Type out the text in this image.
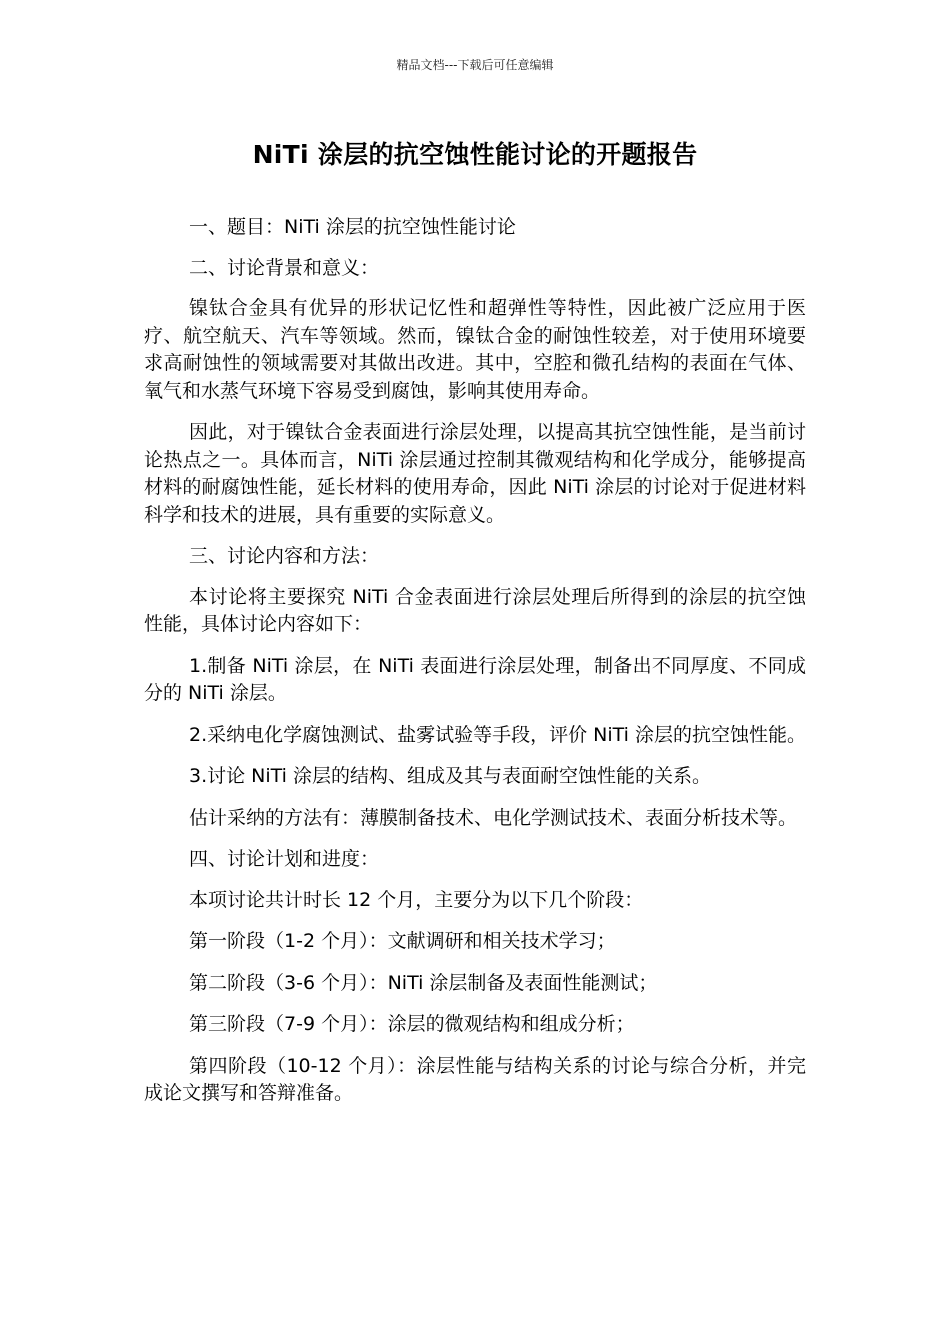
精品文档---下载后可任意编辑
NiTi 涂层的抗空蚀性能讨论的开题报告

一、题目：NiTi 涂层的抗空蚀性能讨论

二、讨论背景和意义：

镍钛合金具有优异的形状记忆性和超弹性等特性，因此被广泛应用于医疗、航空航天、汽车等领域。然而，镍钛合金的耐蚀性较差，对于使用环境要求高耐蚀性的领域需要对其做出改进。其中，空腔和微孔结构的表面在气体、氧气和水蒸气环境下容易受到腐蚀，影响其使用寿命。

因此，对于镍钛合金表面进行涂层处理，以提高其抗空蚀性能，是当前讨论热点之一。具体而言，NiTi 涂层通过控制其微观结构和化学成分，能够提高材料的耐腐蚀性能，延长材料的使用寿命，因此 NiTi 涂层的讨论对于促进材料科学和技术的进展，具有重要的实际意义。

三、讨论内容和方法：

本讨论将主要探究 NiTi 合金表面进行涂层处理后所得到的涂层的抗空蚀性能，具体讨论内容如下：

1.制备 NiTi 涂层，在 NiTi 表面进行涂层处理，制备出不同厚度、不同成分的 NiTi 涂层。

2.采纳电化学腐蚀测试、盐雾试验等手段，评价 NiTi 涂层的抗空蚀性能。

3.讨论 NiTi 涂层的结构、组成及其与表面耐空蚀性能的关系。

估计采纳的方法有：薄膜制备技术、电化学测试技术、表面分析技术等。

四、讨论计划和进度：

本项讨论共计时长 12 个月，主要分为以下几个阶段：

第一阶段（1-2 个月）：文献调研和相关技术学习；

第二阶段（3-6 个月）：NiTi 涂层制备及表面性能测试；

第三阶段（7-9 个月）：涂层的微观结构和组成分析；

第四阶段（10-12 个月）：涂层性能与结构关系的讨论与综合分析，并完成论文撰写和答辩准备。
